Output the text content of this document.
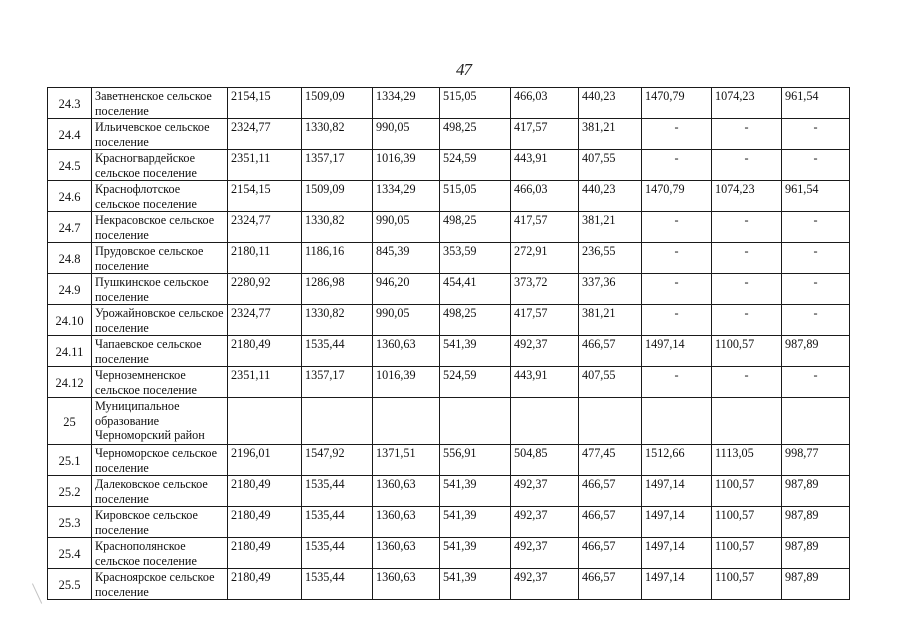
47
24.3	Заветненское сельское поселение	2154,15	1509,09	1334,29	515,05	466,03	440,23	1470,79	1074,23	961,54
24.4	Ильичевское сельское поселение	2324,77	1330,82	990,05	498,25	417,57	381,21	-	-	-
24.5	Красногвардейское сельское поселение	2351,11	1357,17	1016,39	524,59	443,91	407,55	-	-	-
24.6	Краснофлотское сельское поселение	2154,15	1509,09	1334,29	515,05	466,03	440,23	1470,79	1074,23	961,54
24.7	Некрасовское сельское поселение	2324,77	1330,82	990,05	498,25	417,57	381,21	-	-	-
24.8	Прудовское сельское поселение	2180,11	1186,16	845,39	353,59	272,91	236,55	-	-	-
24.9	Пушкинское сельское поселение	2280,92	1286,98	946,20	454,41	373,72	337,36	-	-	-
24.10	Урожайновское сельское поселение	2324,77	1330,82	990,05	498,25	417,57	381,21	-	-	-
24.11	Чапаевское сельское поселение	2180,49	1535,44	1360,63	541,39	492,37	466,57	1497,14	1100,57	987,89
24.12	Черноземненское сельское поселение	2351,11	1357,17	1016,39	524,59	443,91	407,55	-	-	-
25	Муниципальное образование Черноморский район									
25.1	Черноморское сельское поселение	2196,01	1547,92	1371,51	556,91	504,85	477,45	1512,66	1113,05	998,77
25.2	Далековское сельское поселение	2180,49	1535,44	1360,63	541,39	492,37	466,57	1497,14	1100,57	987,89
25.3	Кировское сельское поселение	2180,49	1535,44	1360,63	541,39	492,37	466,57	1497,14	1100,57	987,89
25.4	Краснополянское сельское поселение	2180,49	1535,44	1360,63	541,39	492,37	466,57	1497,14	1100,57	987,89
25.5	Красноярское сельское поселение	2180,49	1535,44	1360,63	541,39	492,37	466,57	1497,14	1100,57	987,89
